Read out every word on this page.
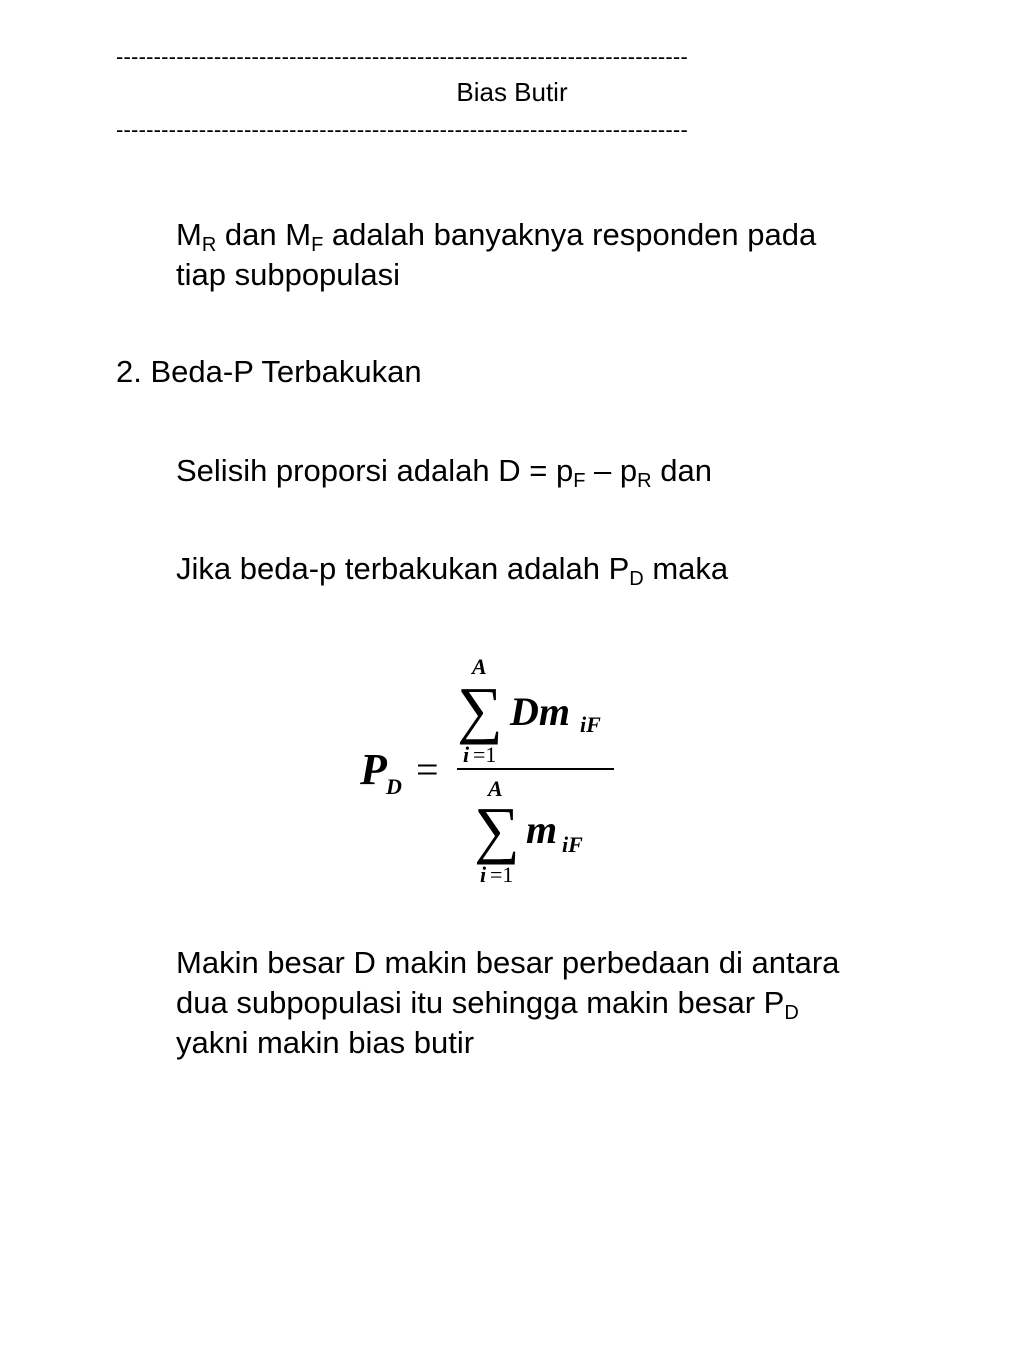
----------------------------------------------------------------------------
Bias Butir
----------------------------------------------------------------------------
$M_R$ dan $M_F$ adalah banyaknya responden pada
tiap subpopulasi
2. Beda-P Terbakukan
Selisih proporsi adalah $D = p_F - p_R$ dan
Jika beda-p terbakukan adalah $P_D$ maka
P D =
A
∑ Dm iF
i =1
A
∑ m iF
i =1
Makin besar D makin besar perbedaan di antara
dua subpopulasi itu sehingga makin besar $P_D$
yakni makin bias butir
